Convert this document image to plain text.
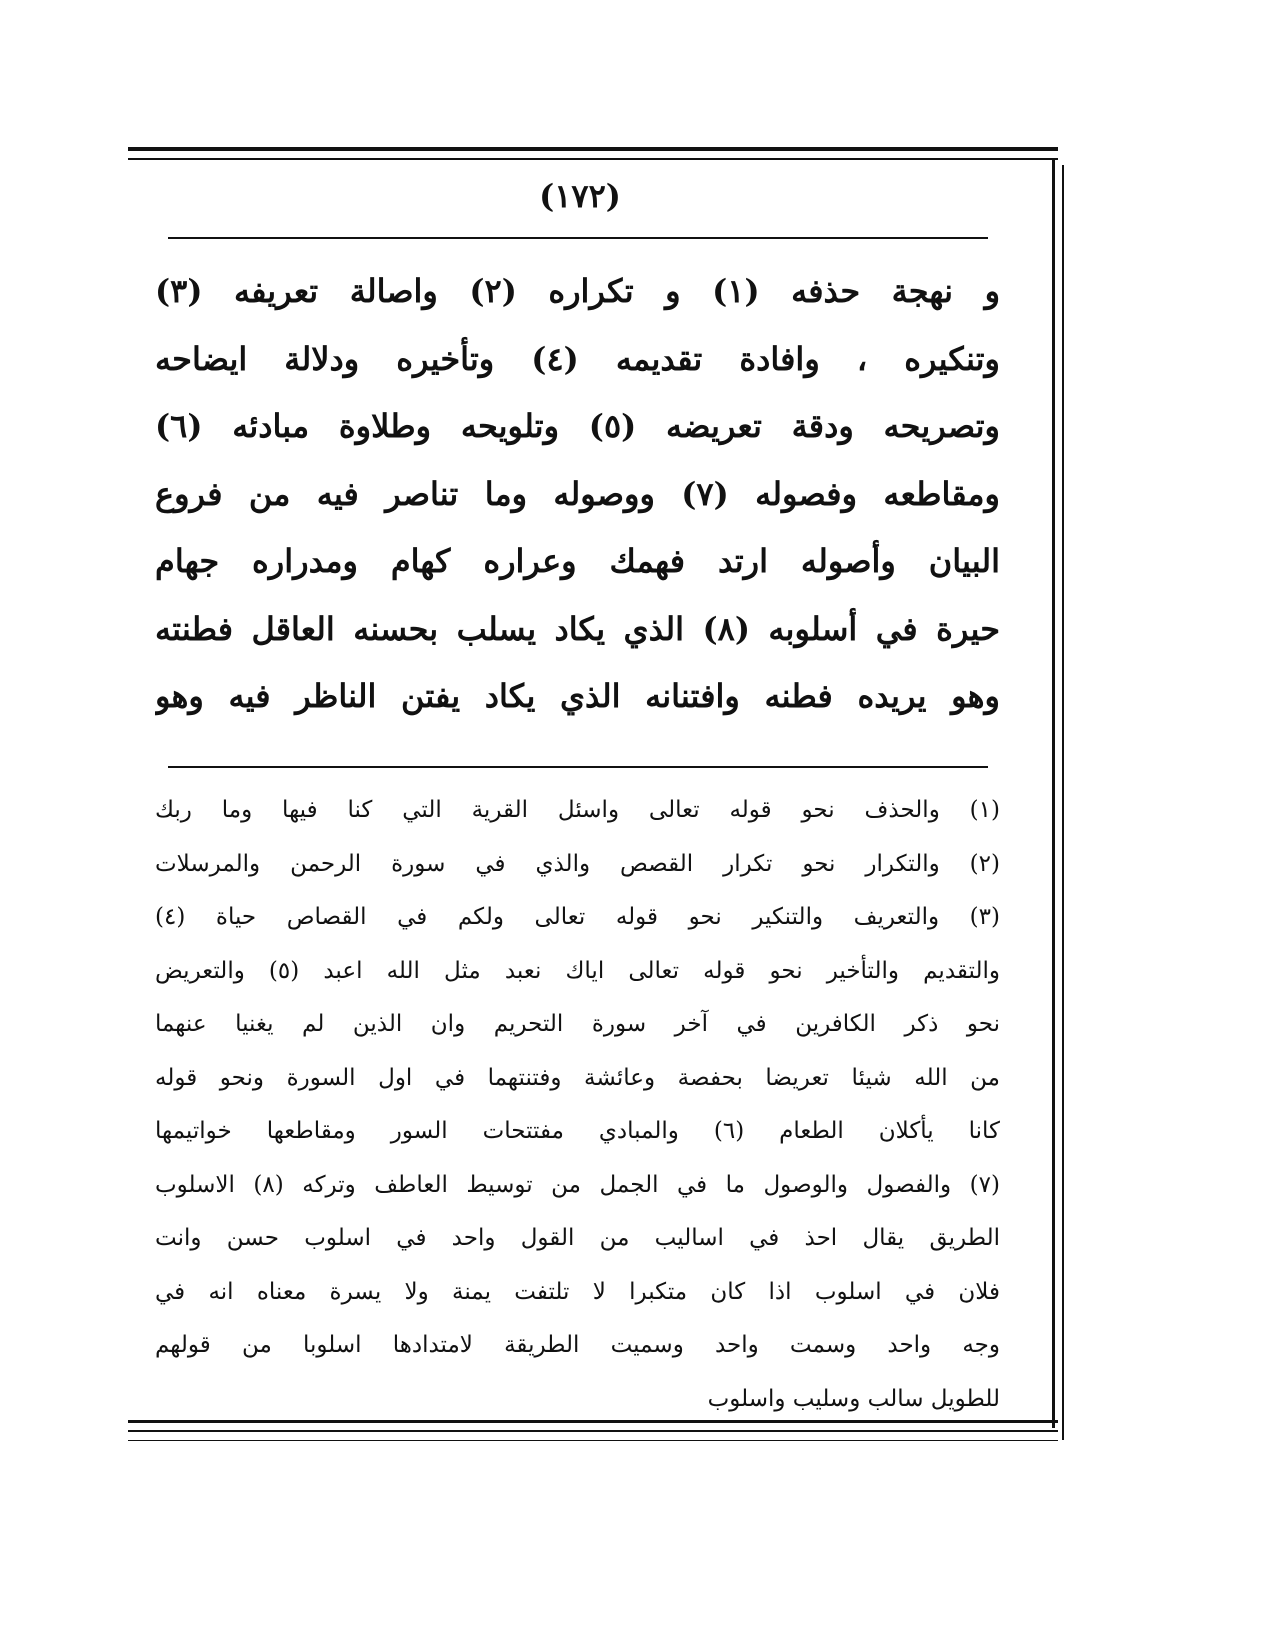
(١٧٢)
و نهجة حذفه (١) و تكراره (٢) واصالة تعريفه (٣)
وتنكيره ، وافادة تقديمه (٤) وتأخيره ودلالة ايضاحه
وتصريحه ودقة تعريضه (٥) وتلويحه وطلاوة مبادئه (٦)
ومقاطعه وفصوله (٧) ووصوله وما تناصر فيه من فروع
البيان وأصوله ارتد فهمك وعراره كهام ومدراره جهام
حيرة في أسلوبه (٨) الذي يكاد يسلب بحسنه العاقل فطنته
وهو يريده فطنه وافتنانه الذي يكاد يفتن الناظر فيه وهو
(١) والحذف نحو قوله تعالى واسئل القرية التي كنا فيها وما ربك
(٢) والتكرار نحو تكرار القصص والذي في سورة الرحمن والمرسلات
(٣) والتعريف والتنكير نحو قوله تعالى ولكم في القصاص حياة (٤)
والتقديم والتأخير نحو قوله تعالى اياك نعبد مثل الله اعبد (٥) والتعريض
نحو ذكر الكافرين في آخر سورة التحريم وان الذين لم يغنيا عنهما
من الله شيئا تعريضا بحفصة وعائشة وفتنتهما في اول السورة ونحو قوله
كانا يأكلان الطعام (٦) والمبادي مفتتحات السور ومقاطعها خواتيمها
(٧) والفصول والوصول ما في الجمل من توسيط العاطف وتركه (٨) الاسلوب
الطريق يقال احذ في اساليب من القول واحد في اسلوب حسن وانت
فلان في اسلوب اذا كان متكبرا لا تلتفت يمنة ولا يسرة معناه انه في
وجه واحد وسمت واحد وسميت الطريقة لامتدادها اسلوبا من قولهم
للطويل سالب وسليب واسلوب
